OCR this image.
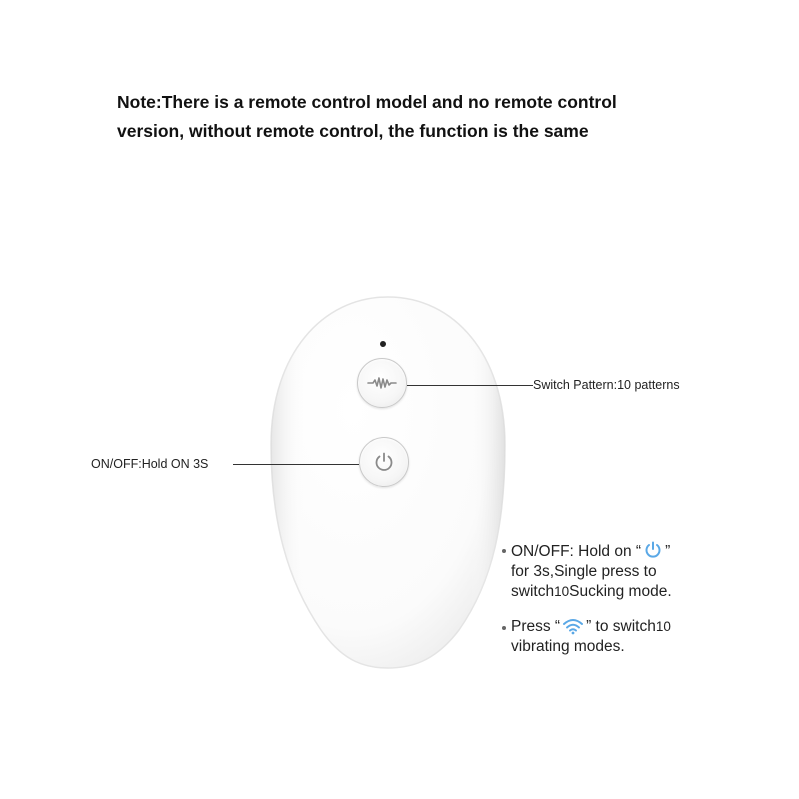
Note:There is a remote control model and no remote control
version, without remote control, the function is the same
Switch Pattern:10 patterns
ON/OFF:Hold ON 3S
ON/OFF: Hold on “ ”
for 3s,Single press to
switch10Sucking mode.
Press “ ” to switch10
vibrating modes.
